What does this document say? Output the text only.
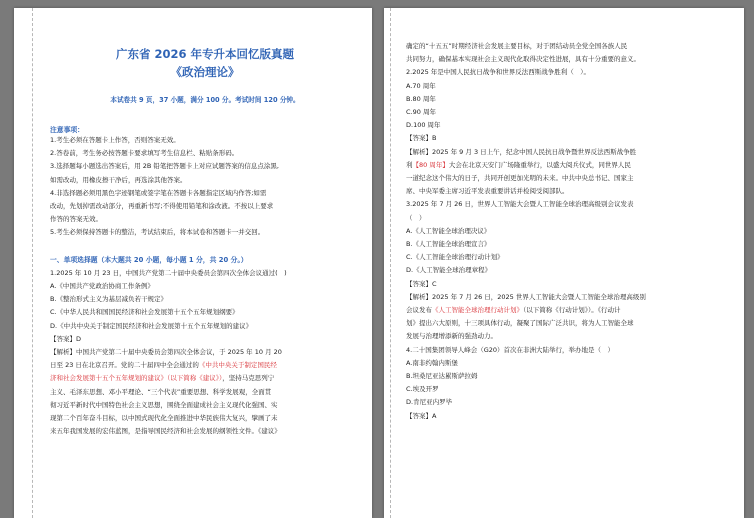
广东省 2026 年专升本回忆版真题
《政治理论》
本试卷共 9 页，37 小题，满分 100 分。考试时间 120 分钟。
注意事项：
1.考生必须在答题卡上作答，否则答案无效。
2.答卷前，考生务必按答题卡要求填写考生信息栏、粘贴条形码。
3.选择题每小题选出答案后，用 2B 铅笔把答题卡上对应试题答案的信息点涂黑,
如需改动，用橡皮擦干净后，再选涂其他答案。
4.非选择题必须用黑色字迹钢笔或签字笔在答题卡各题指定区域内作答;如需
改动，先划掉需改动部分，再重新书写;不得使用铅笔和涂改液。不按以上要求
作答的答案无效。
5.考生必须保持答题卡的整洁，考试结束后，将本试卷和答题卡一并交回。
一、单项选择题（本大题共 20 小题，每小题 1 分，共 20 分。）
1.2025 年 10 月 23 日，中国共产党第二十届中央委员会第四次全体会议通过(　)
A.《中国共产党政治协商工作条例》
B.《整治形式主义为基层减负若干规定》
C.《中华人民共和国国民经济和社会发展第十五个五年规划纲要》
D.《中共中央关于制定国民经济和社会发展第十五个五年规划的建议》
【答案】D
【解析】中国共产党第二十届中央委员会第四次全体会议，于 2025 年 10 月 20
日至 23 日在北京召开。党的二十届四中全会通过的《中共中央关于制定国民经
济和社会发展第十五个五年规划的建议》（以下简称《建议》），坚持马克思列宁
主义、毛泽东思想、邓小平理论、“三个代表”重要思想、科学发展观，全面贯
彻习近平新时代中国特色社会主义思想，围绕全面建成社会主义现代化强国、实
现第二个百年奋斗目标，以中国式现代化全面推进中华民族伟大复兴，擘画了未
来五年我国发展的宏伟蓝图，是指导国民经济和社会发展的纲领性文件。《建议》
确定的“十五五”时期经济社会发展主要目标，对于团结动员全党全国各族人民
共同努力，确保基本实现社会主义现代化取得决定性进展，具有十分重要的意义。
2.2025 年是中国人民抗日战争和世界反法西斯战争胜利（　）。
A.70 周年
B.80 周年
C.90 周年
D.100 周年
【答案】B
【解析】2025 年 9 月 3 日上午，纪念中国人民抗日战争暨世界反法西斯战争胜
利【80 周年】大会在北京天安门广场隆重举行，以盛大阅兵仪式，同世界人民
一道纪念这个伟大的日子，共同开创更加光明的未来。中共中央总书记、国家主
席、中央军委主席习近平发表重要讲话并检阅受阅部队。
3.2025 年 7 月 26 日，世界人工智能大会暨人工智能全球治理高级别会议发表
（　）
A.《人工智能全球治理决议》
B.《人工智能全球治理宣言》
C.《人工智能全球治理行动计划》
D.《人工智能全球治理章程》
【答案】C
【解析】2025 年 7 月 26 日，2025 世界人工智能大会暨人工智能全球治理高级别
会议发布《人工智能全球治理行动计划》（以下简称《行动计划》）。《行动计
划》提出六大原则，十三项具体行动，凝聚了国际广泛共识，将为人工智能全球
发展与治理增添新的强劲动力。
4.二十国集团领导人峰会（G20）首次在非洲大陆举行，举办地是（　）
A.南非约翰内斯堡
B.坦桑尼亚达累斯萨拉姆
C.埃及开罗
D.肯尼亚内罗毕
【答案】A
